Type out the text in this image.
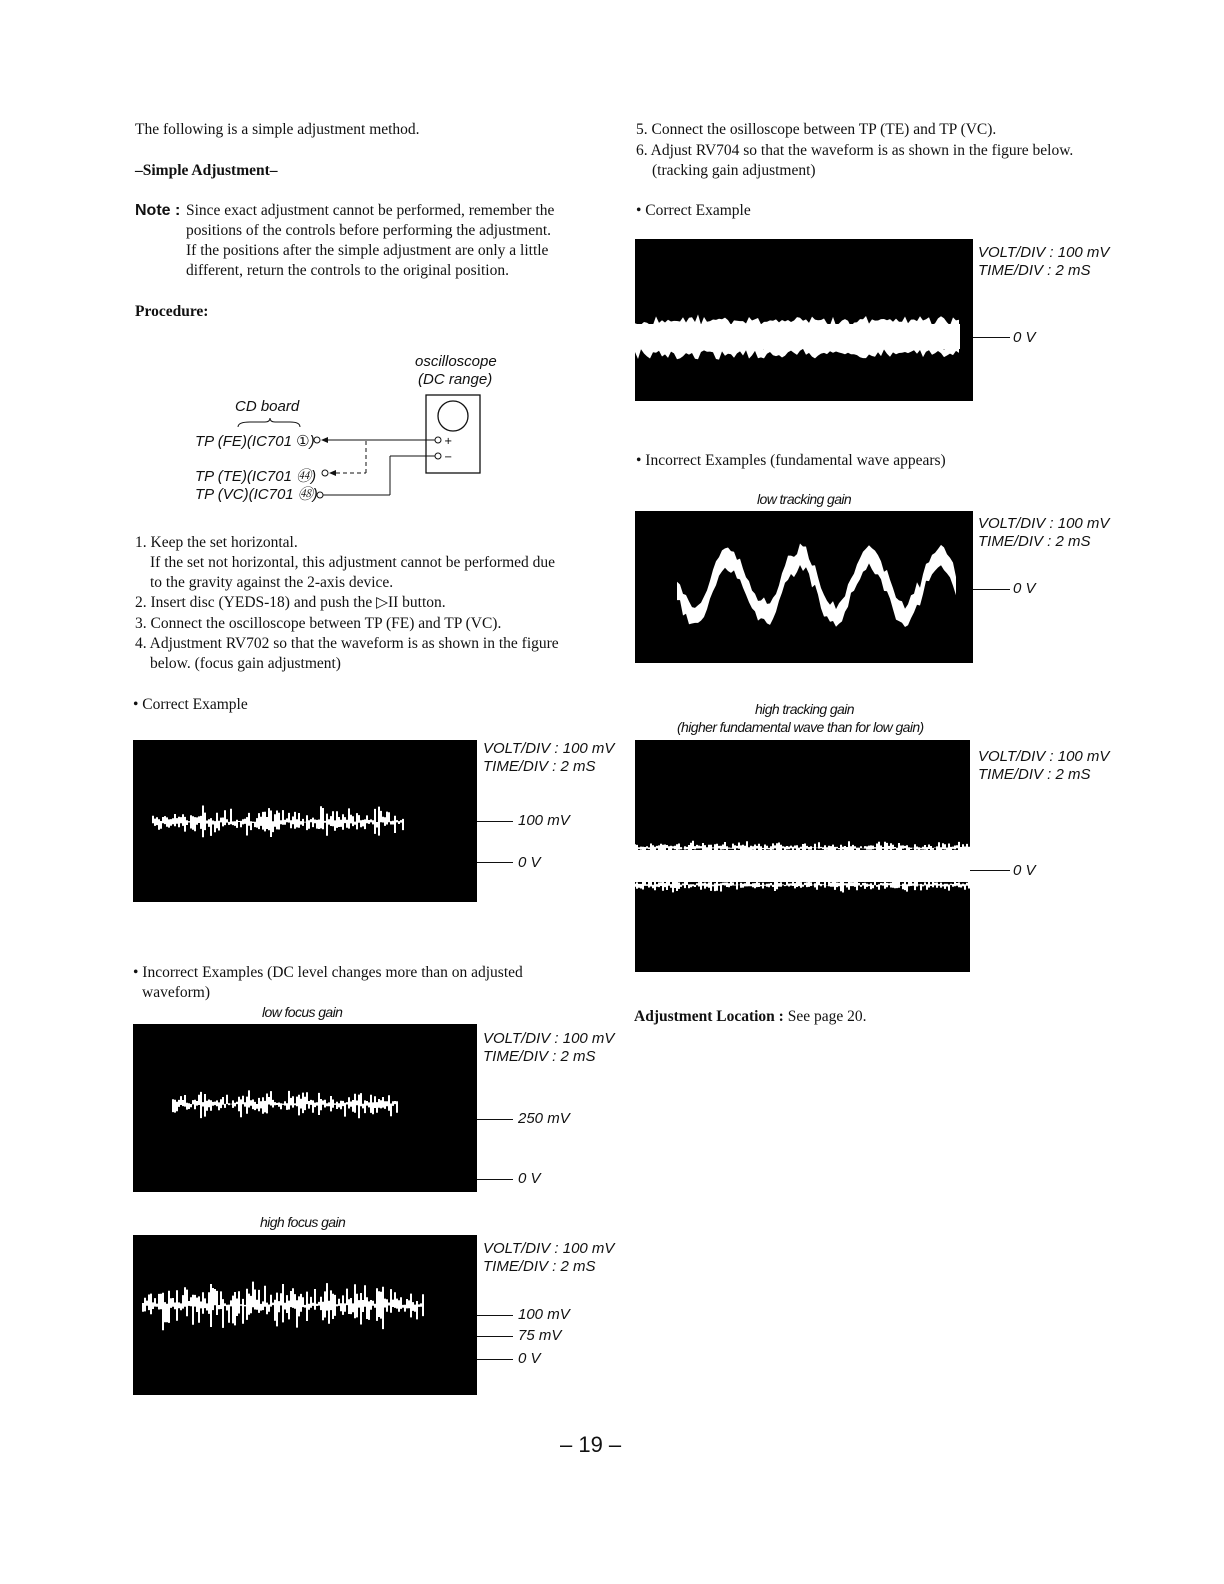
The following is a simple adjustment method.
–Simple Adjustment–
Note : Since exact adjustment cannot be performed, remember the
positions of the controls before performing the adjustment.
If the positions after the simple adjustment are only a little
different, return the controls to the original position.
Procedure:
oscilloscope
(DC range)
CD board
TP (FE)(IC701 ①)
TP (TE)(IC701 ㊹)
TP (VC)(IC701 ㊽)
+
−
1. Keep the set horizontal.
If the set not horizontal, this adjustment cannot be performed due
to the gravity against the 2-axis device.
2. Insert disc (YEDS-18) and push the ▷II button.
3. Connect the oscilloscope between TP (FE) and TP (VC).
4. Adjustment RV702 so that the waveform is as shown in the figure
below. (focus gain adjustment)
• Correct Example
VOLT/DIV : 100 mV
TIME/DIV : 2 mS
100 mV
0 V
• Incorrect Examples (DC level changes more than on adjusted
waveform)
low focus gain
VOLT/DIV : 100 mV
TIME/DIV : 2 mS
250 mV
0 V
high focus gain
VOLT/DIV : 100 mV
TIME/DIV : 2 mS
100 mV
75 mV
0 V
5. Connect the osilloscope between TP (TE) and TP (VC).
6. Adjust RV704 so that the waveform is as shown in the figure below.
(tracking gain adjustment)
• Correct Example
VOLT/DIV : 100 mV
TIME/DIV : 2 mS
0 V
• Incorrect Examples (fundamental wave appears)
low tracking gain
VOLT/DIV : 100 mV
TIME/DIV : 2 mS
0 V
high tracking gain
(higher fundamental wave than for low gain)
VOLT/DIV : 100 mV
TIME/DIV : 2 mS
0 V
Adjustment Location : See page 20.
– 19 –
